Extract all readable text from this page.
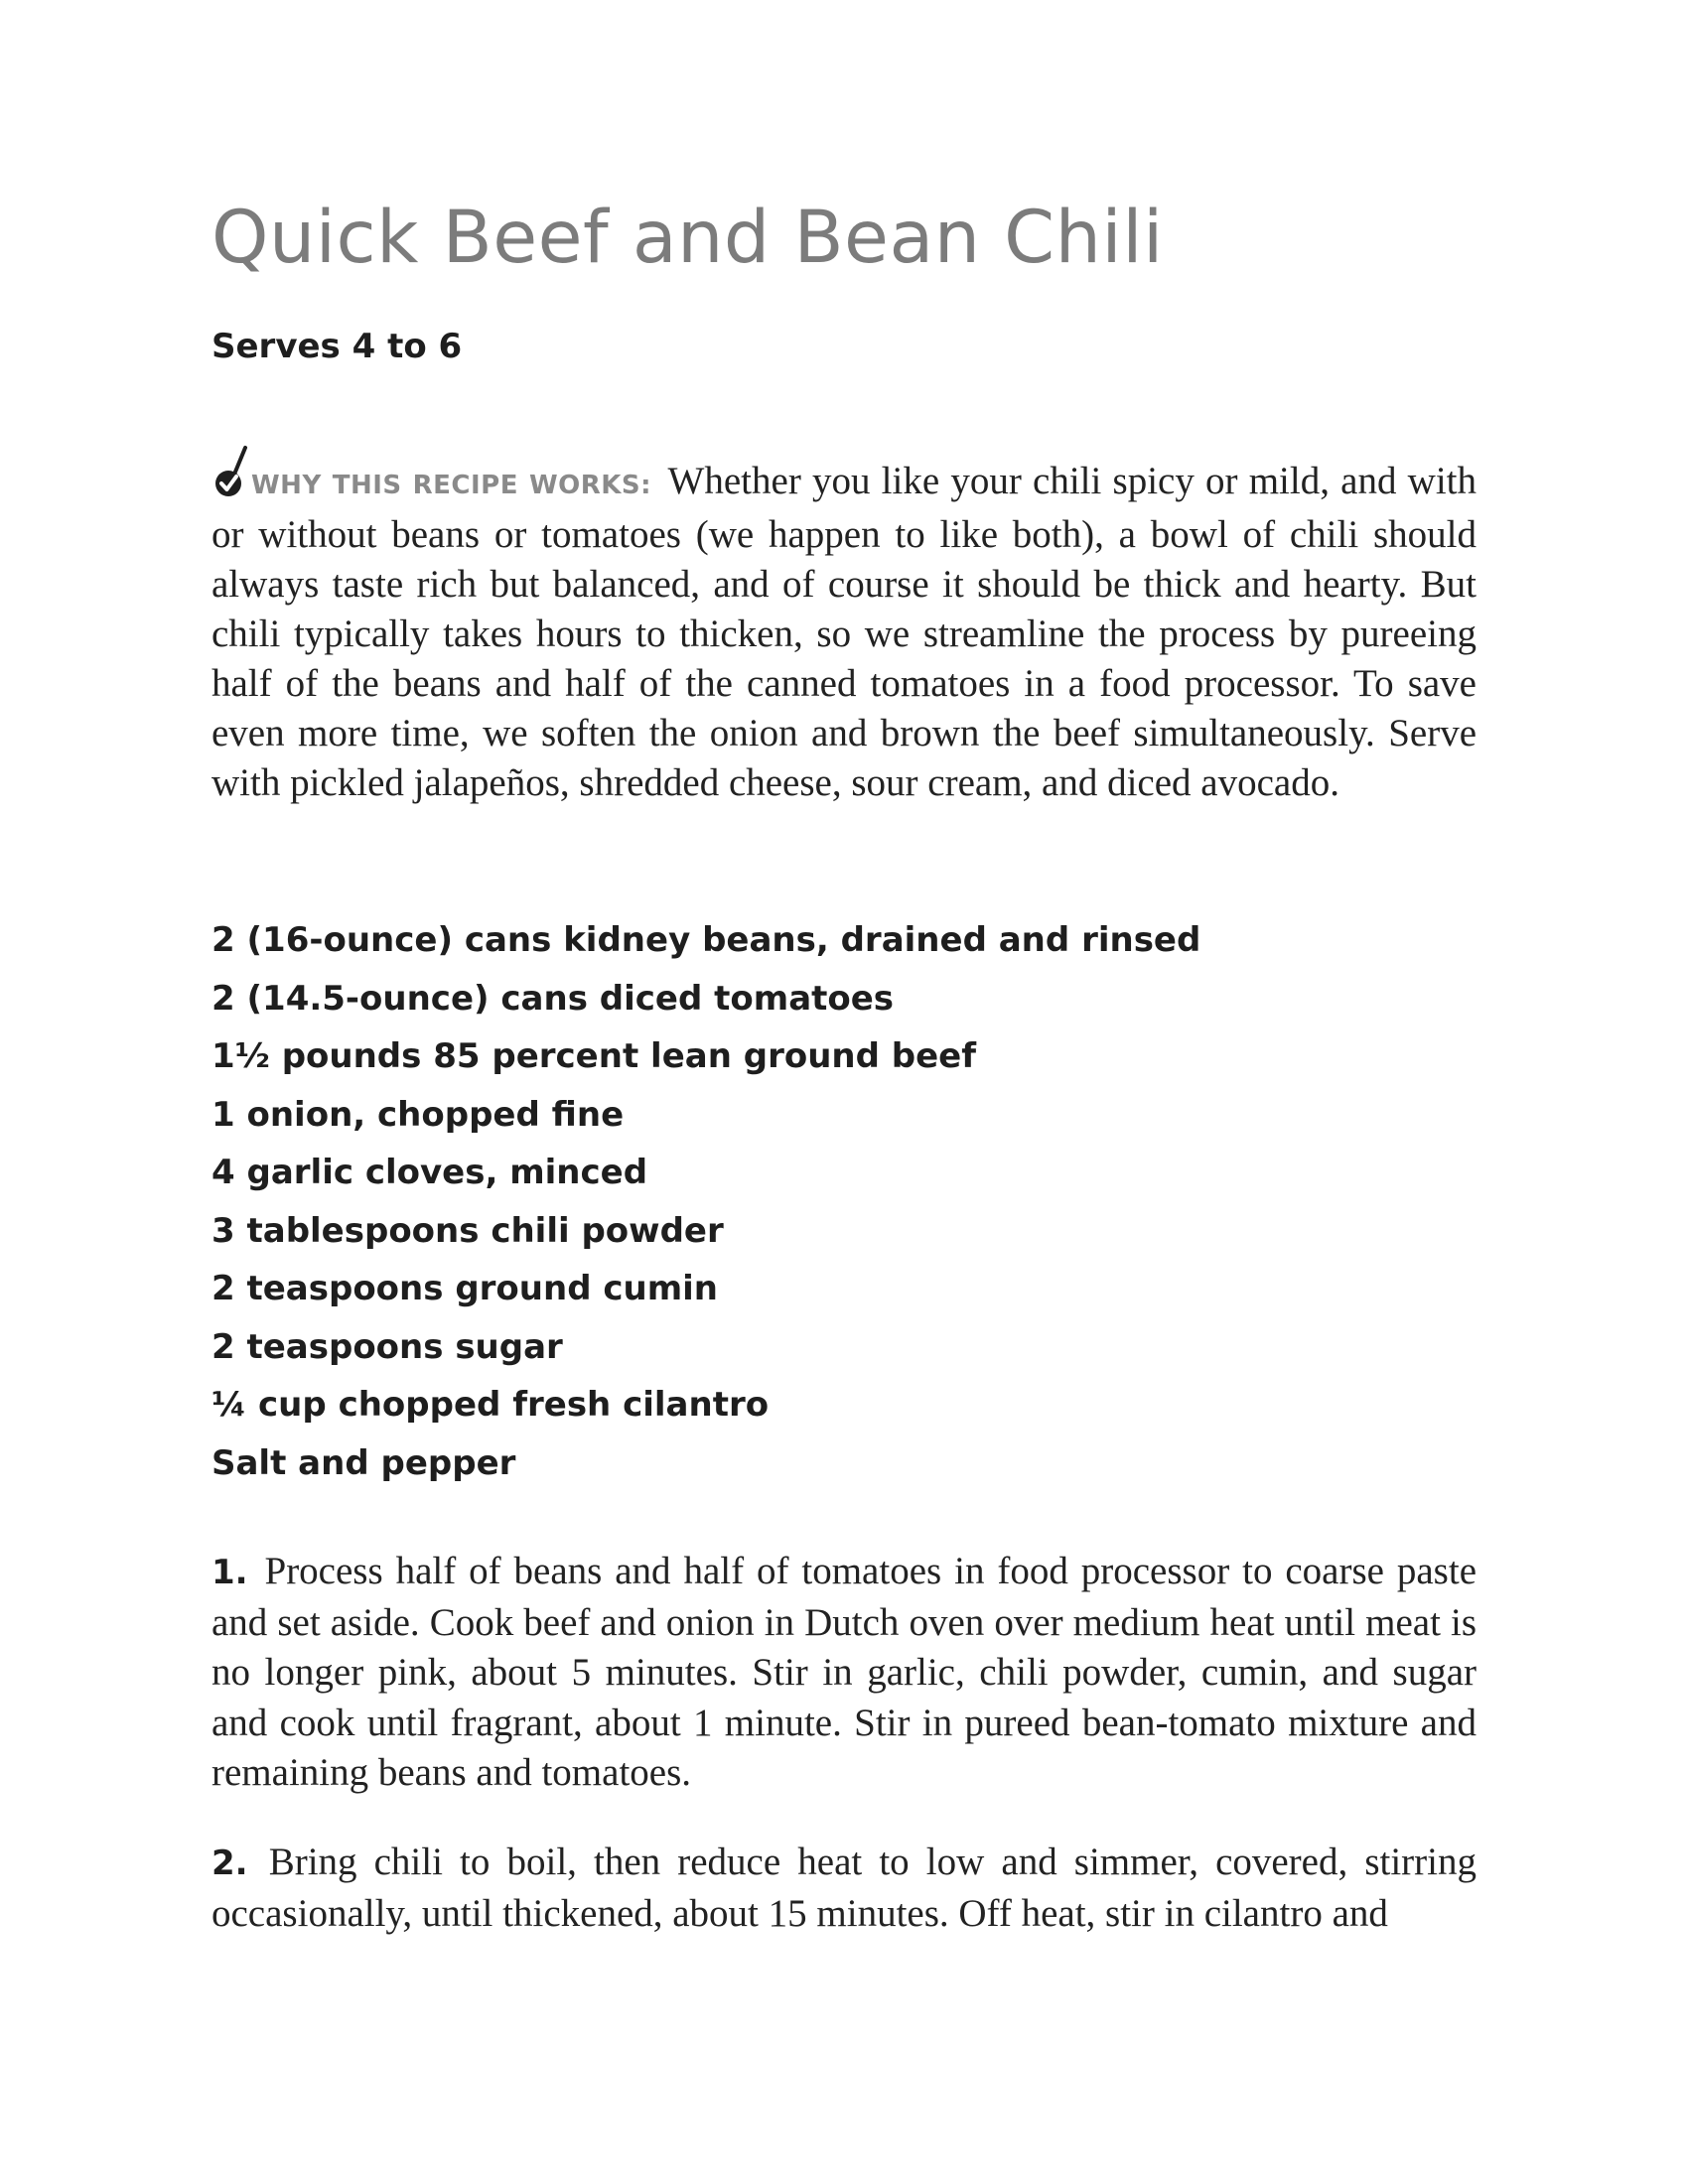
Quick Beef and Bean Chili
Serves 4 to 6

WHY THIS RECIPE WORKS: Whether you like your chili spicy or mild, and with or without beans or tomatoes (we happen to like both), a bowl of chili should always taste rich but balanced, and of course it should be thick and hearty. But chili typically takes hours to thicken, so we streamline the process by pureeing half of the beans and half of the canned tomatoes in a food processor. To save even more time, we soften the onion and brown the beef simultaneously. Serve with pickled jalapeños, shredded cheese, sour cream, and diced avocado.

2 (16-ounce) cans kidney beans, drained and rinsed
2 (14.5-ounce) cans diced tomatoes
1½ pounds 85 percent lean ground beef
1 onion, chopped fine
4 garlic cloves, minced
3 tablespoons chili powder
2 teaspoons ground cumin
2 teaspoons sugar
¼ cup chopped fresh cilantro
Salt and pepper

1. Process half of beans and half of tomatoes in food processor to coarse paste and set aside. Cook beef and onion in Dutch oven over medium heat until meat is no longer pink, about 5 minutes. Stir in garlic, chili powder, cumin, and sugar and cook until fragrant, about 1 minute. Stir in pureed bean-tomato mixture and remaining beans and tomatoes.

2. Bring chili to boil, then reduce heat to low and simmer, covered, stirring occasionally, until thickened, about 15 minutes. Off heat, stir in cilantro and
